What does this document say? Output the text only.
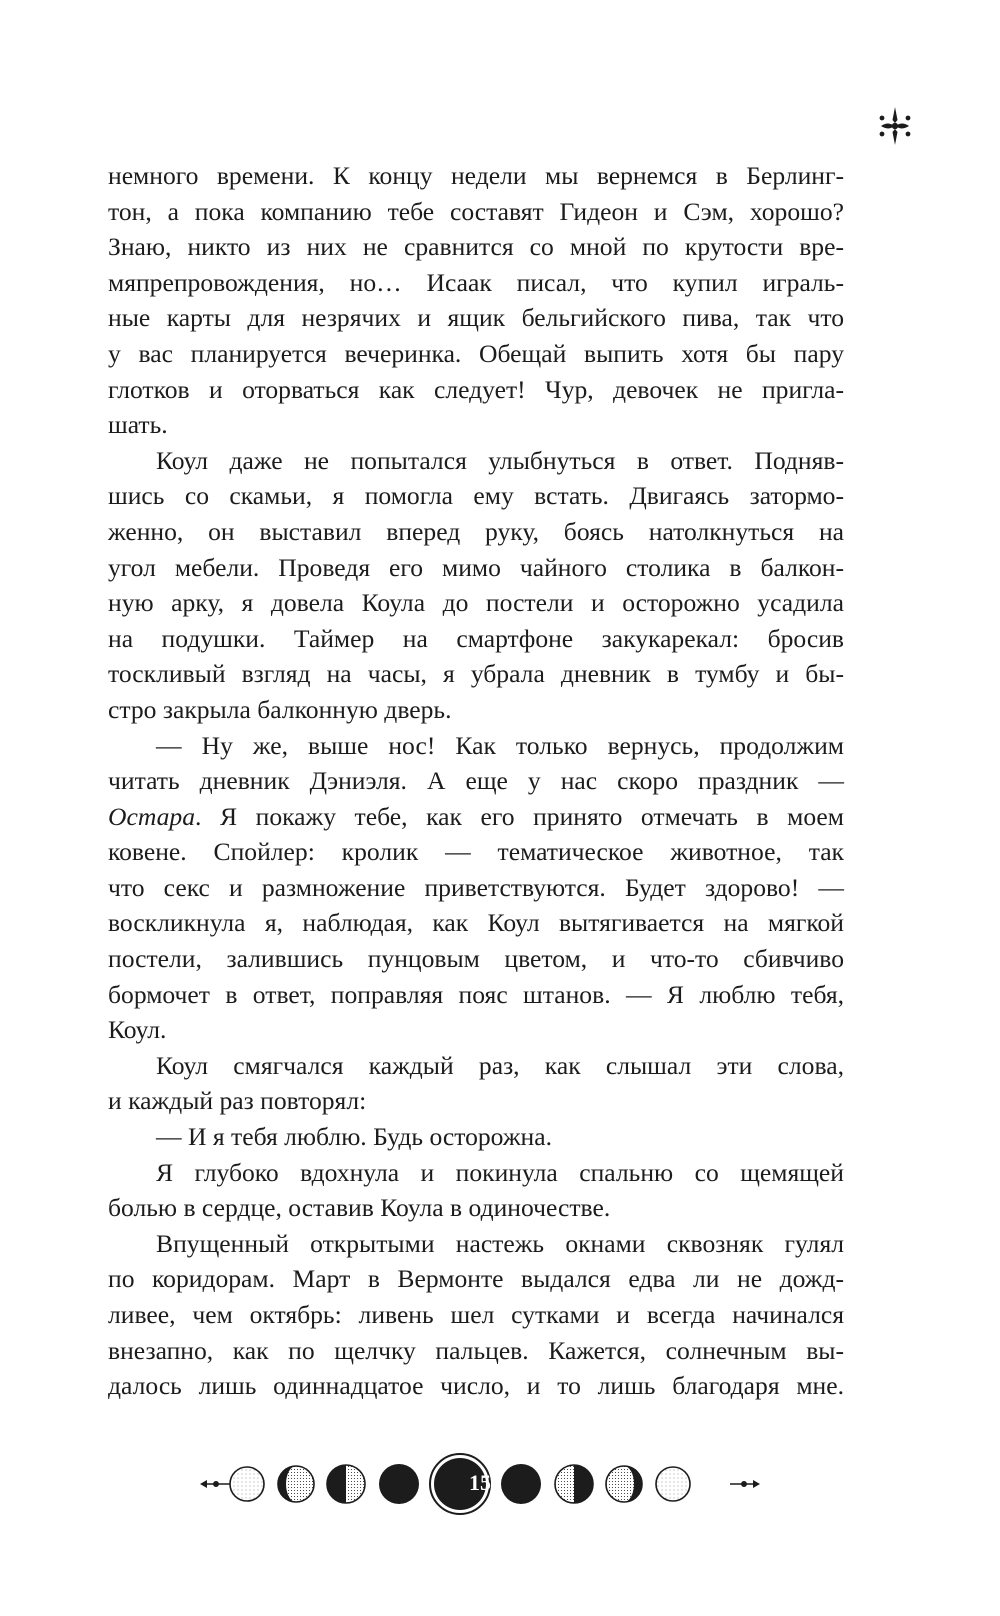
немного времени. К концу недели мы вернемся в Берлинг-
тон, а пока компанию тебе составят Гидеон и Сэм, хорошо?
Знаю, никто из них не сравнится со мной по крутости вре-
мяпрепровождения, но… Исаак писал, что купил играль-
ные карты для незрячих и ящик бельгийского пива, так что
у вас планируется вечеринка. Обещай выпить хотя бы пару
глотков и оторваться как следует! Чур, девочек не пригла-
шать.
Коул даже не попытался улыбнуться в ответ. Подняв-
шись со скамьи, я помогла ему встать. Двигаясь затормо-
женно, он выставил вперед руку, боясь натолкнуться на
угол мебели. Проведя его мимо чайного столика в балкон-
ную арку, я довела Коула до постели и осторожно усадила
на подушки. Таймер на смартфоне закукарекал: бросив
тоскливый взгляд на часы, я убрала дневник в тумбу и бы-
стро закрыла балконную дверь.
— Ну же, выше нос! Как только вернусь, продолжим
читать дневник Дэниэля. А еще у нас скоро праздник —
Остара. Я покажу тебе, как его принято отмечать в моем
ковене. Спойлер: кролик — тематическое животное, так
что секс и размножение приветствуются. Будет здорово! —
воскликнула я, наблюдая, как Коул вытягивается на мягкой
постели, залившись пунцовым цветом, и что-то сбивчиво
бормочет в ответ, поправляя пояс штанов. — Я люблю тебя,
Коул.
Коул смягчался каждый раз, как слышал эти слова,
и каждый раз повторял:
— И я тебя люблю. Будь осторожна.
Я глубоко вдохнула и покинула спальню со щемящей
болью в сердце, оставив Коула в одиночестве.
Впущенный открытыми настежь окнами сквозняк гулял
по коридорам. Март в Вермонте выдался едва ли не дожд-
ливее, чем октябрь: ливень шел сутками и всегда начинался
внезапно, как по щелчку пальцев. Кажется, солнечным вы-
далось лишь одиннадцатое число, и то лишь благодаря мне.
15
